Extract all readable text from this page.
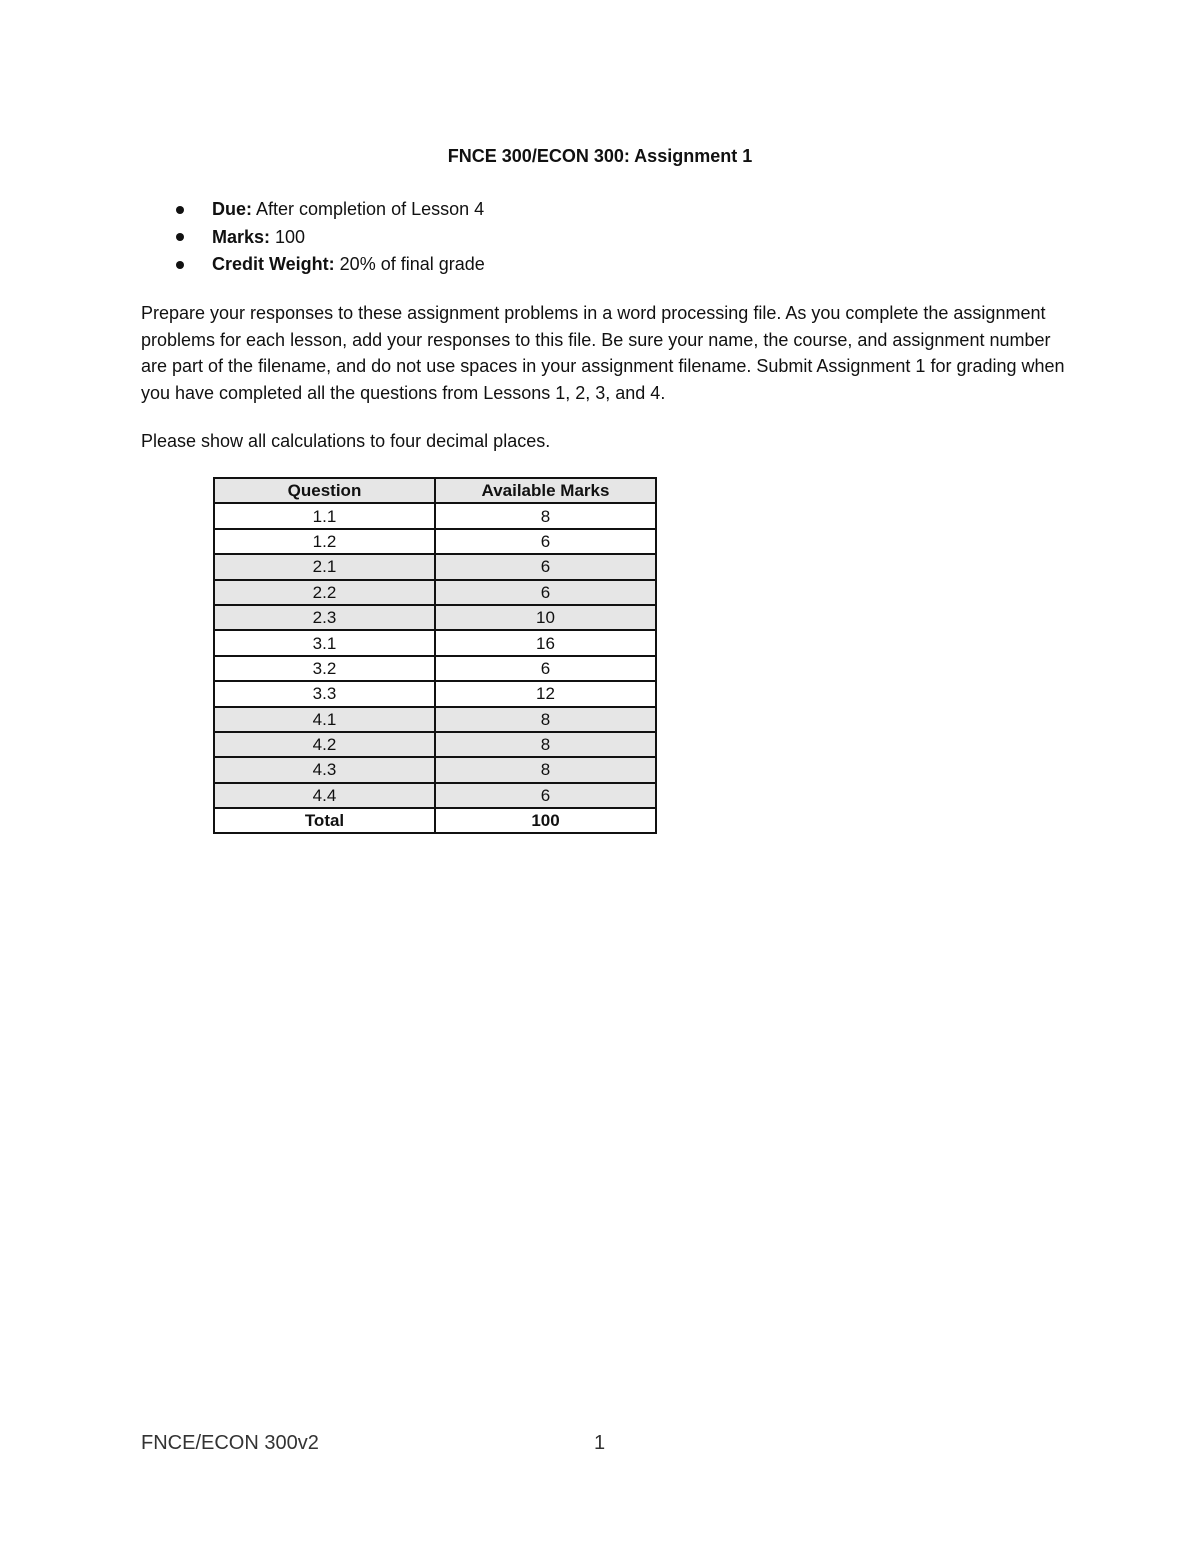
FNCE 300/ECON 300: Assignment 1
Due: After completion of Lesson 4
Marks: 100
Credit Weight: 20% of final grade

Prepare your responses to these assignment problems in a word processing file. As you complete the assignment problems for each lesson, add your responses to this file. Be sure your name, the course, and assignment number are part of the filename, and do not use spaces in your assignment filename. Submit Assignment 1 for grading when you have completed all the questions from Lessons 1, 2, 3, and 4.

Please show all calculations to four decimal places.

Question	Available Marks
1.1	8
1.2	6
2.1	6
2.2	6
2.3	10
3.1	16
3.2	6
3.3	12
4.1	8
4.2	8
4.3	8
4.4	6
Total	100
FNCE/ECON 300v2	1
